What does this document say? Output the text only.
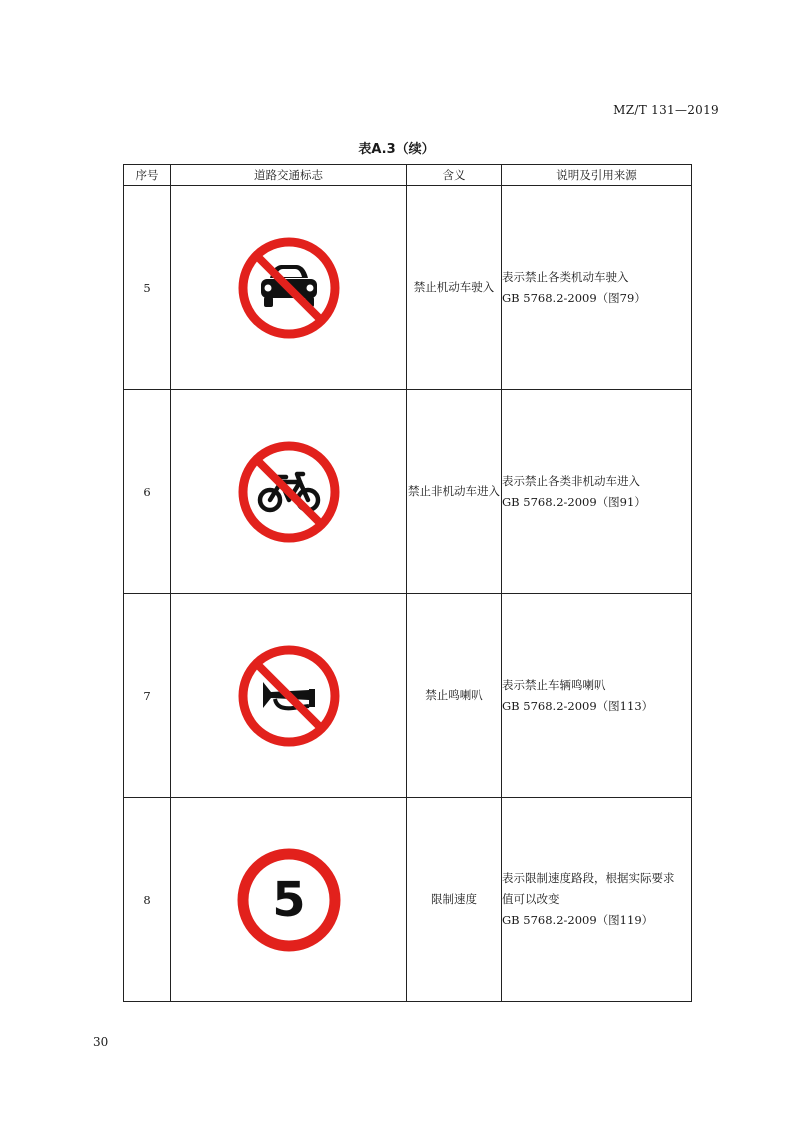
MZ/T 131—2019
表A.3（续）
序号	道路交通标志	含义	说明及引用来源
5		禁止机动车驶入	表示禁止各类机动车驶入
GB 5768.2-2009（图79）

6		禁止非机动车进入	表示禁止各类非机动车进入
GB 5768.2-2009（图91）

7		禁止鸣喇叭	表示禁止车辆鸣喇叭
GB 5768.2-2009（图113）

8	5	限制速度	表示限制速度路段，根据实际要求
值可以改变
GB 5768.2-2009（图119）
30
